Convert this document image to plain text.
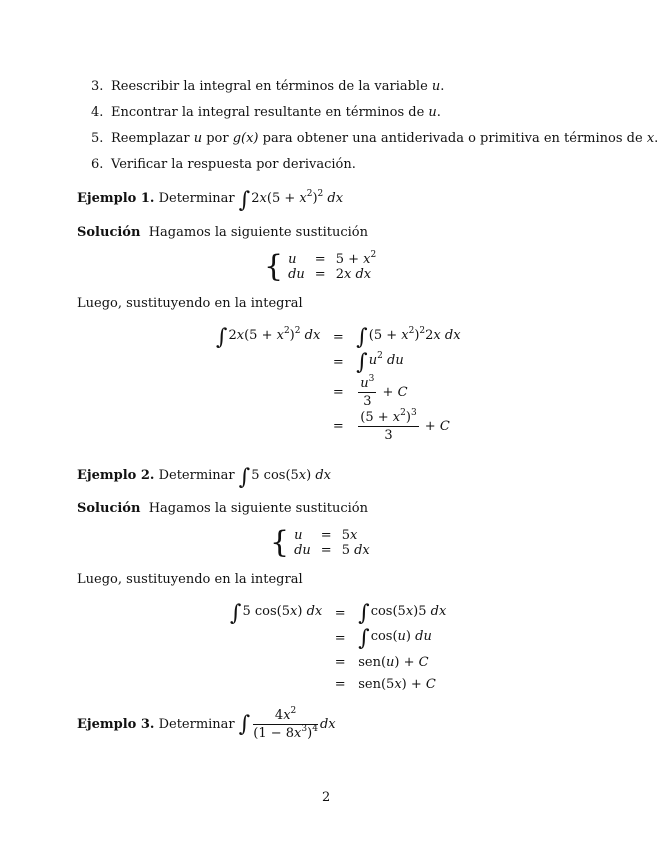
3. Reescribir la integral en términos de la variable u.
4. Encontrar la integral resultante en términos de u.
5. Reemplazar u por g(x) para obtener una antiderivada o primitiva en términos de x.
6. Verificar la respuesta por derivación.
Ejemplo 1. Determinar $\int 2x(5 + x^2)^2$ dx
Solución Hagamos la siguiente sustitución
{ u	=	$5 + x^2$
du	=	2x dx
Luego, sustituyendo en la integral
$\int 2x(5 + x^2)^2$ dx	=	$\int(5 + x^2)^22x$ dx
	=	$\int u^2$ du
	=	$\frac{u^3}{3} + C$
	=	$\frac{(5 + x^2)^3}{3} + C$
Ejemplo 2. Determinar ∫5 cos(5x) dx
Solución Hagamos la siguiente sustitución
{ u	=	5x
du	=	5 dx
Luego, sustituyendo en la integral
∫5 cos(5x) dx	=	∫cos(5x)5 dx
	=	∫cos(u) du
	=	sen(u) + C
	=	sen(5x) + C
Ejemplo 3.
Determinar
∫ $\frac{4x^2}{(1 - 8x^3)^4}$ dx
2
